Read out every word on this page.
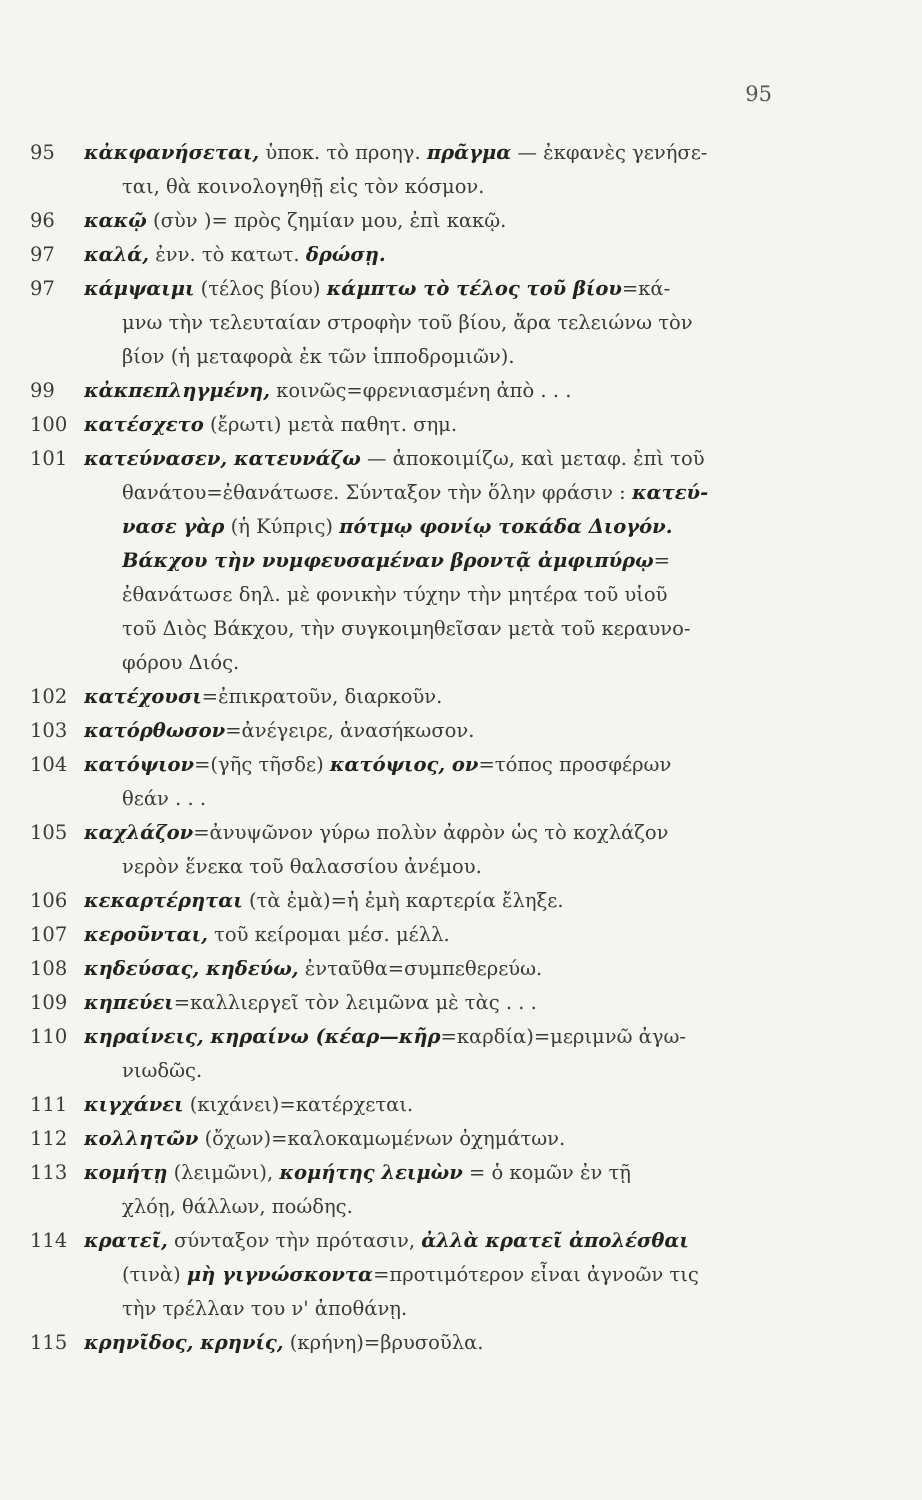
95
95	κἀκφανήσεται, ὑποκ. τὸ προηγ. πρᾶγμα — ἐκφανὲς γενήσε-
ται, θὰ κοινολογηθῇ εἰς τὸν κόσμον.
96	κακῷ (σὺν )= πρὸς ζημίαν μου, ἐπὶ κακῷ.
97	καλά, ἐνν. τὸ κατωτ. δρώσῃ.
97	κάμψαιμι (τέλος βίου) κάμπτω τὸ τέλος τοῦ βίου=κά-
μνω τὴν τελευταίαν στροφὴν τοῦ βίου, ἄρα τελειώνω τὸν
βίον (ἡ μεταφορὰ ἐκ τῶν ἱπποδρομιῶν).
99	κἀκπεπληγμένη, κοινῶς=φρενιασμένη ἀπὸ . . .
100 κατέσχετο (ἔρωτι) μετὰ παθητ. σημ.
101 κατεύνασεν, κατευνάζω — ἀποκοιμίζω, καὶ μεταφ. ἐπὶ τοῦ
θανάτου=ἐθανάτωσε. Σύνταξον τὴν ὅλην φράσιν : κατεύ-
νασε γὰρ (ἡ Κύπρις) πότμῳ φονίῳ τοκάδα Διογόν.
Βάκχου τὴν νυμφευσαμέναν βροντᾷ ἀμφιπύρῳ=
ἐθανάτωσε δηλ. μὲ φονικὴν τύχην τὴν μητέρα τοῦ υἱοῦ
τοῦ Διὸς Βάκχου, τὴν συγκοιμηθεῖσαν μετὰ τοῦ κεραυνο-
φόρου Διός.
102 κατέχουσι=ἐπικρατοῦν, διαρκοῦν.
103 κατόρθωσον=ἀνέγειρε, ἀνασήκωσον.
104 κατόψιον=(γῆς τῆσδε) κατόψιος, ον=τόπος προσφέρων
θεάν . . .
105 καχλάζον=ἀνυψῶνον γύρω πολὺν ἀφρὸν ὡς τὸ κοχλάζον
νερὸν ἕνεκα τοῦ θαλασσίου ἀνέμου.
106 κεκαρτέρηται (τὰ ἐμὰ)=ἡ ἐμὴ καρτερία ἔληξε.
107 κεροῦνται, τοῦ κείρομαι μέσ. μέλλ.
108 κηδεύσας, κηδεύω, ἐνταῦθα=συμπεθερεύω.
109 κηπεύει=καλλιεργεῖ τὸν λειμῶνα μὲ τὰς . . .
110 κηραίνεις, κηραίνω (κέαρ—κῆρ=καρδία)=μεριμνῶ ἀγω-
νιωδῶς.
111 κιγχάνει (κιχάνει)=κατέρχεται.
112 κολλητῶν (ὄχων)=καλοκαμωμένων ὀχημάτων.
113 κομήτῃ (λειμῶνι), κομήτης λειμὼν = ὁ κομῶν ἐν τῇ
χλόῃ, θάλλων, ποώδης.
114 κρατεῖ, σύνταξον τὴν πρότασιν, ἀλλὰ κρατεῖ ἀπολέσθαι
(τινὰ) μὴ γιγνώσκοντα=προτιμότερον εἶναι ἀγνοῶν τις
τὴν τρέλλαν του ν' ἀποθάνῃ.
115 κρηνῖδος, κρηνίς, (κρήνη)=βρυσοῦλα.
